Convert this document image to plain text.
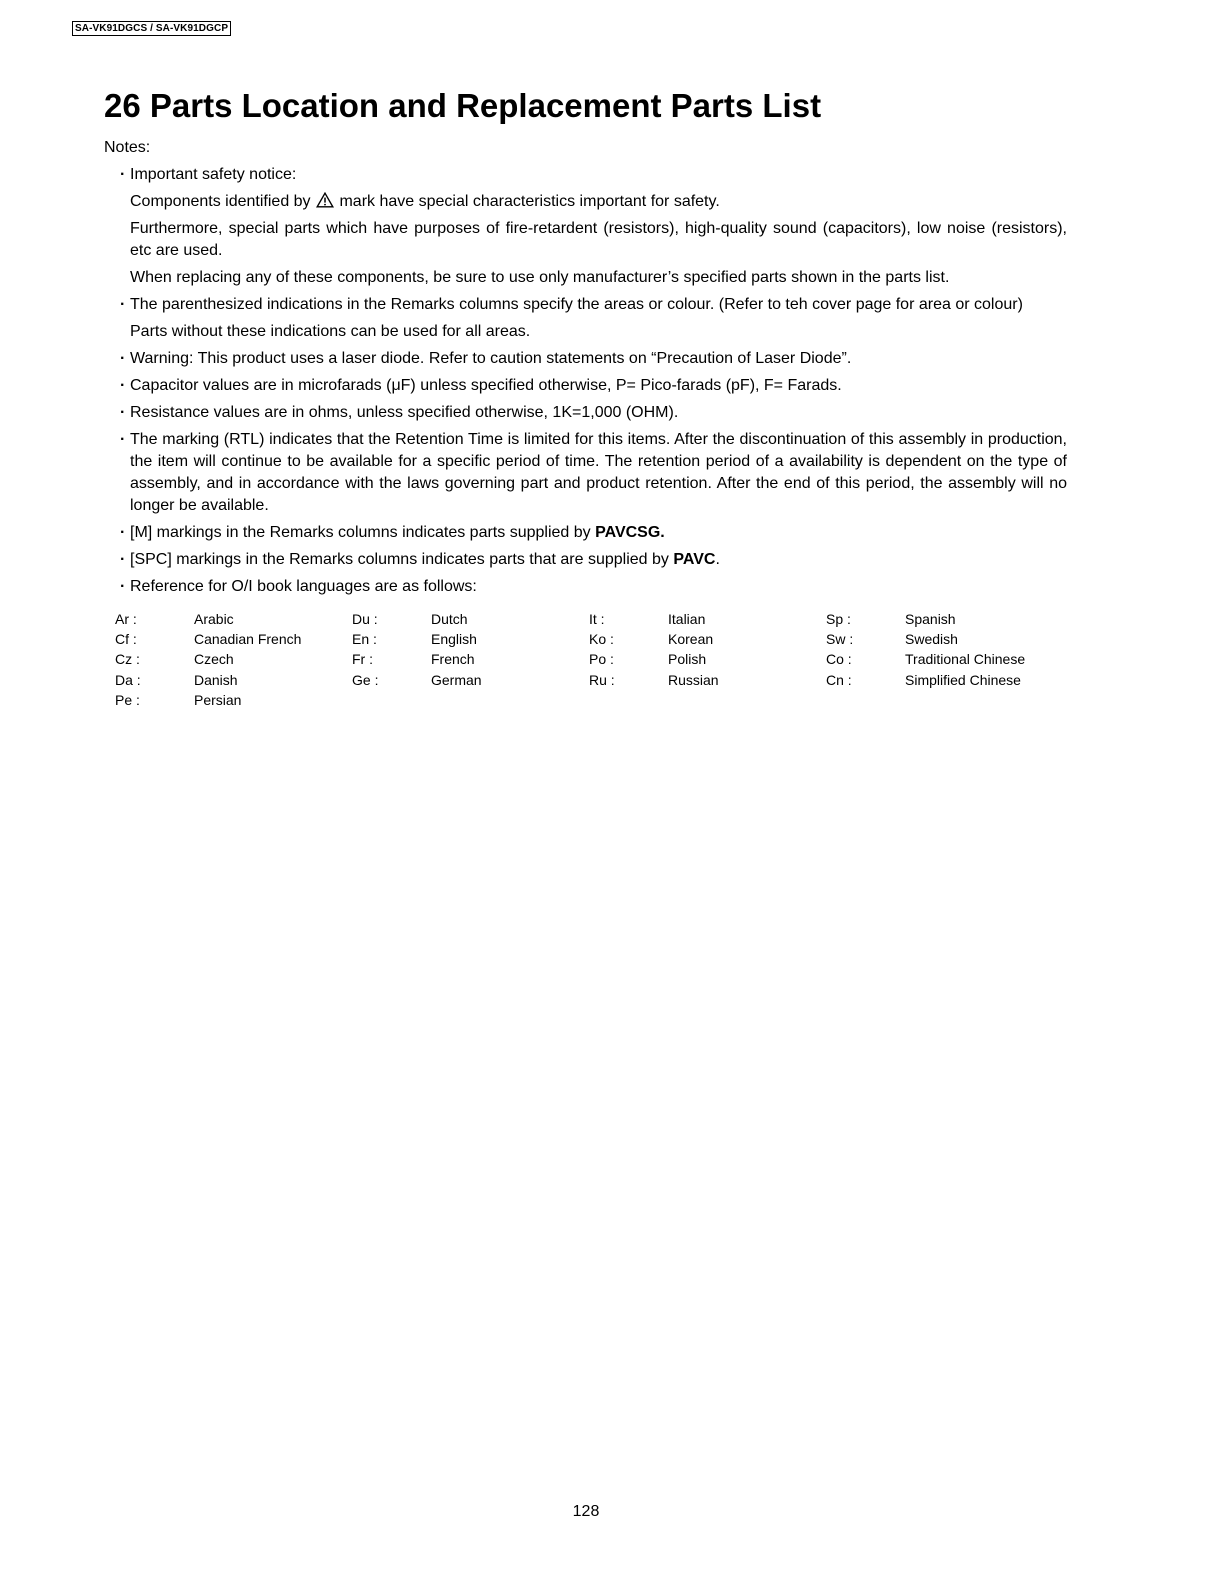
SA-VK91DGCS / SA-VK91DGCP
26 Parts Location and Replacement Parts List
Notes:

· Important safety notice:

Components identified by mark have special characteristics important for safety.

Furthermore, special parts which have purposes of fire-retardent (resistors), high-quality sound (capacitors), low noise (resistors), etc are used.

When replacing any of these components, be sure to use only manufacturer’s specified parts shown in the parts list.

· The parenthesized indications in the Remarks columns specify the areas or colour. (Refer to teh cover page for area or colour)

Parts without these indications can be used for all areas.

· Warning: This product uses a laser diode. Refer to caution statements on “Precaution of Laser Diode”.

· Capacitor values are in microfarads (μF) unless specified otherwise, P= Pico-farads (pF), F= Farads.

· Resistance values are in ohms, unless specified otherwise, 1K=1,000 (OHM).

· The marking (RTL) indicates that the Retention Time is limited for this items. After the discontinuation of this assembly in production, the item will continue to be available for a specific period of time. The retention period of a availability is dependent on the type of assembly, and in accordance with the laws governing part and product retention. After the end of this period, the assembly will no longer be available.

· [M] markings in the Remarks columns indicates parts supplied by PAVCSG.

· [SPC] markings in the Remarks columns indicates parts that are supplied by PAVC.

· Reference for O/I book languages are as follows:

Ar :	Arabic	Du :	Dutch	It :	Italian	Sp :	Spanish
Cf :	Canadian French	En :	English	Ko :	Korean	Sw :	Swedish
Cz :	Czech	Fr :	French	Po :	Polish	Co :	Traditional Chinese
Da :	Danish	Ge :	German	Ru :	Russian	Cn :	Simplified Chinese
Pe :	Persian						
128
